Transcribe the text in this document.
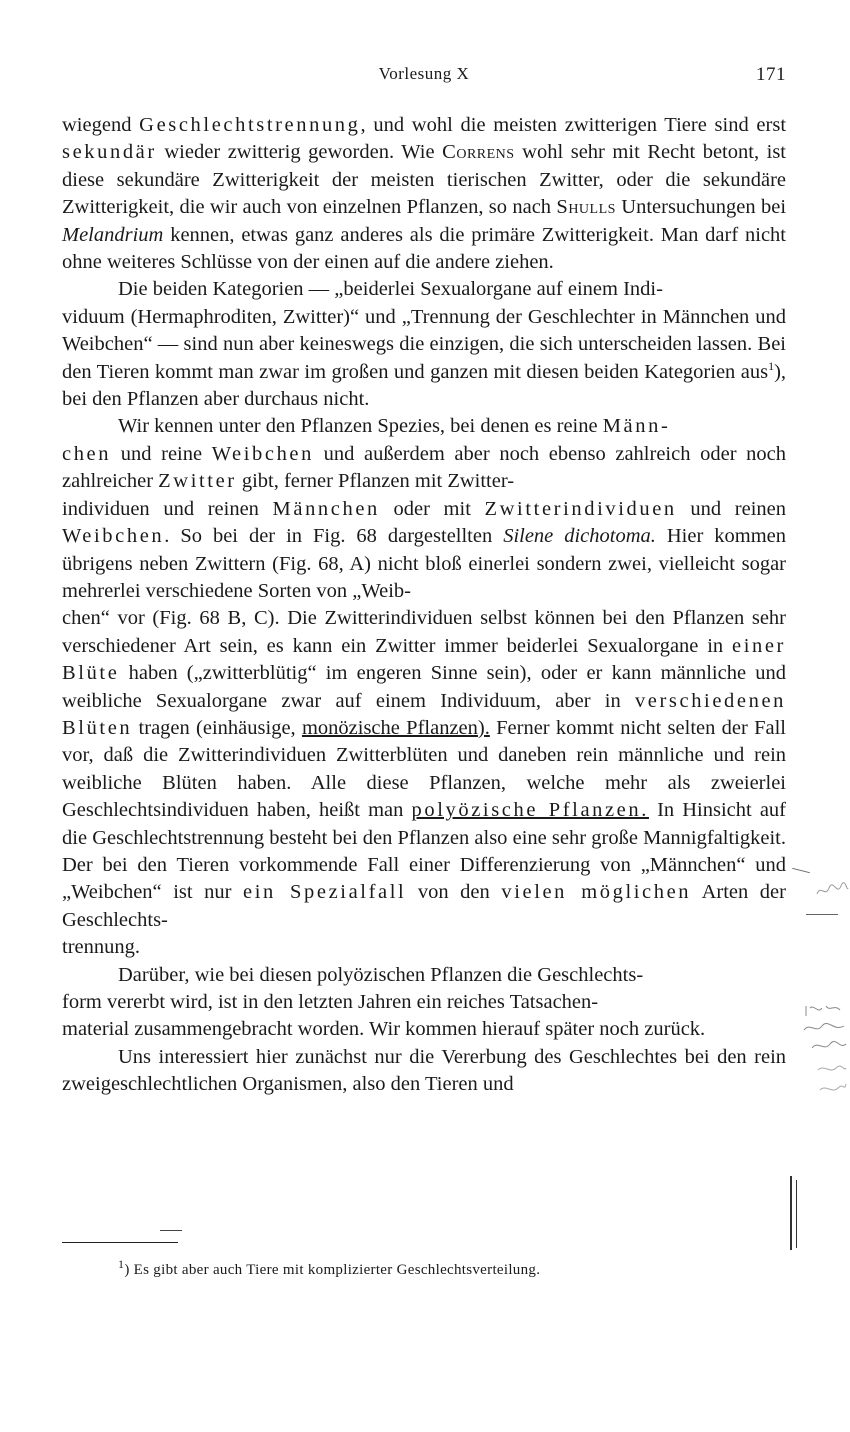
Vorlesung X	171

wiegend Geschlechtstrennung, und wohl die meisten zwitterigen Tiere sind erst sekundär wieder zwitterig geworden. Wie Correns wohl sehr mit Recht betont, ist diese sekundäre Zwitterigkeit der meisten tierischen Zwitter, oder die sekundäre Zwitterigkeit, die wir auch von einzelnen Pflanzen, so nach Shulls Untersuchungen bei Melandrium kennen, etwas ganz anderes als die primäre Zwitterigkeit. Man darf nicht ohne weiteres Schlüsse von der einen auf die andere ziehen.

Die beiden Kategorien — „beiderlei Sexualorgane auf einem Indi-
viduum (Hermaphroditen, Zwitter)“ und „Trennung der Geschlechter in Männchen und Weibchen“ — sind nun aber keineswegs die einzigen, die sich unterscheiden lassen. Bei den Tieren kommt man zwar im großen und ganzen mit diesen beiden Kategorien aus$^1$), bei den Pflanzen aber durchaus nicht.

Wir kennen unter den Pflanzen Spezies, bei denen es reine Männ-
chen und reine Weibchen und außerdem aber noch ebenso zahlreich oder noch zahlreicher Zwitter gibt, ferner Pflanzen mit Zwitter-
individuen und reinen Männchen oder mit Zwitterindividuen und reinen Weibchen. So bei der in Fig. 68 dargestellten Silene dichotoma. Hier kommen übrigens neben Zwittern (Fig. 68, A) nicht bloß einerlei sondern zwei, vielleicht sogar mehrerlei verschiedene Sorten von „Weib-
chen“ vor (Fig. 68 B, C). Die Zwitterindividuen selbst können bei den Pflanzen sehr verschiedener Art sein, es kann ein Zwitter immer beiderlei Sexualorgane in einer Blüte haben („zwitterblütig“ im engeren Sinne sein), oder er kann männliche und weibliche Sexualorgane zwar auf einem Individuum, aber in verschiedenen Blüten tragen (einhäusige, monözische Pflanzen). Ferner kommt nicht selten der Fall vor, daß die Zwitterindividuen Zwitterblüten und daneben rein männliche und rein weibliche Blüten haben. Alle diese Pflanzen, welche mehr als zweierlei Geschlechtsindividuen haben, heißt man polyözische Pflanzen. In Hinsicht auf die Geschlechtstrennung besteht bei den Pflanzen also eine sehr große Mannigfaltigkeit. Der bei den Tieren vorkommende Fall einer Differenzierung von „Männchen“ und „Weibchen“ ist nur ein Spezialfall von den vielen möglichen Arten der Geschlechts-
trennung.

Darüber, wie bei diesen polyözischen Pflanzen die Geschlechts-
form vererbt wird, ist in den letzten Jahren ein reiches Tatsachen-
material zusammengebracht worden. Wir kommen hierauf später noch zurück.

Uns interessiert hier zunächst nur die Vererbung des Geschlechtes bei den rein zweigeschlechtlichen Organismen, also den Tieren und

$^1$) Es gibt aber auch Tiere mit komplizierter Geschlechtsverteilung.
